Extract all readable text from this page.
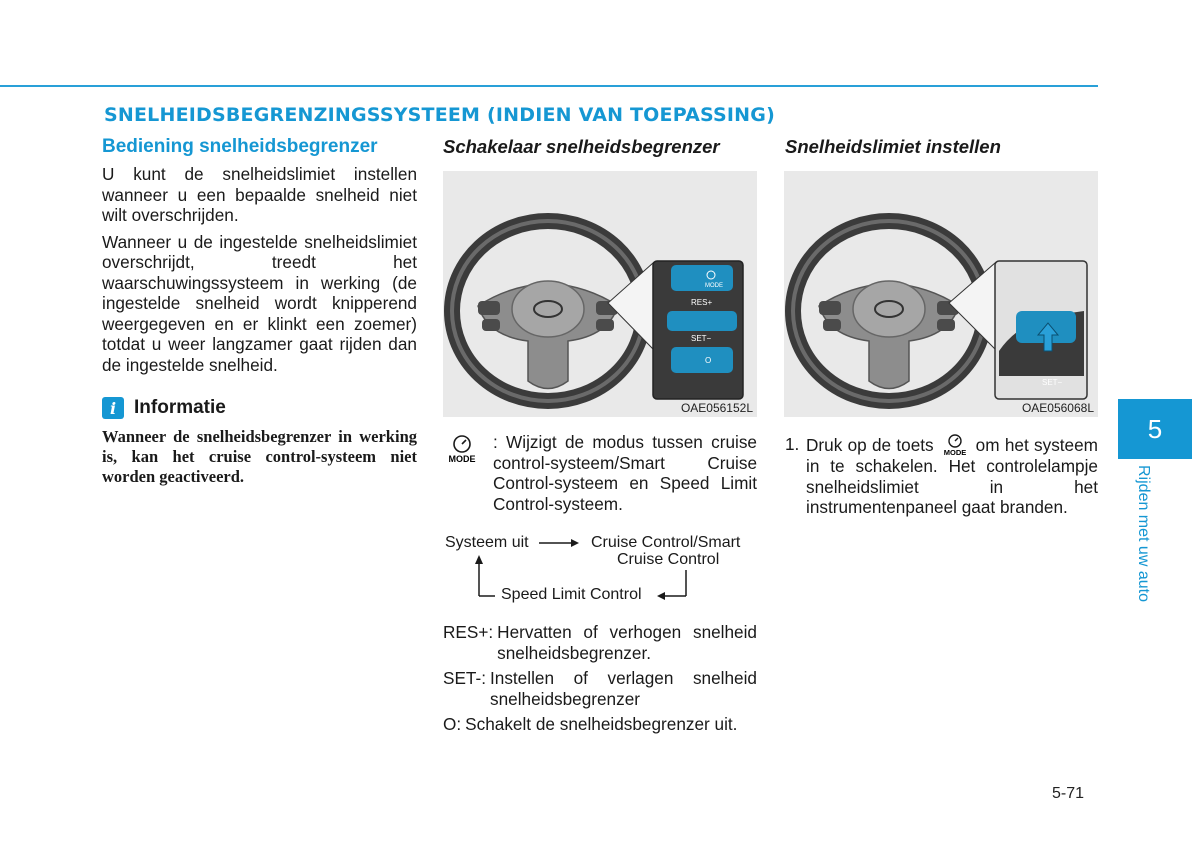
SNELHEIDSBEGRENZINGSSYSTEEM (INDIEN VAN TOEPASSING)
Bediening snelheidsbegrenzer

U kunt de snelheidslimiet instellen wanneer u een bepaalde snelheid niet wilt overschrijden.

Wanneer u de ingestelde snelheidslimiet overschrijdt, treedt het waarschuwingssysteem in werking (de ingestelde snelheid wordt knipperend weergegeven en er klinkt een zoemer) totdat u weer langzamer gaat rijden dan de ingestelde snelheid.

i Informatie
Wanneer de snelheidsbegrenzer in werking is, kan het cruise control-systeem niet worden geactiveerd.
Schakelaar snelheidsbegrenzer
MODE
RES+
SET−
O
OAE056152L
MODE
: Wijzigt de modus tussen cruise control-systeem/Smart Cruise Control-systeem en Speed Limit Control-systeem.
Systeem uit	Cruise Control/Smart
Cruise Control
Speed Limit Control
RES+: Hervatten of verhogen snelheid snelheidsbegrenzer.
SET-: Instellen of verlagen snelheid snelheidsbegrenzer
O: Schakelt de snelheidsbegrenzer uit.
Snelheidslimiet instellen
SET−
OAE056068L
1. Druk op de toets MODE om het systeem in te schakelen. Het controlelampje snelheidslimiet in het instrumentenpaneel gaat branden.
5
Rijden met uw auto
5-71
